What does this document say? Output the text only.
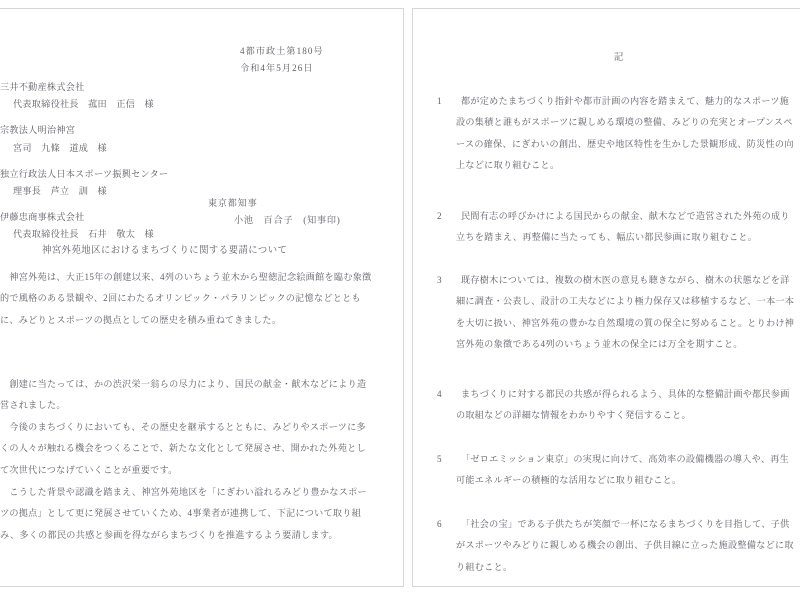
4都市政土第180号
令和4年5月26日
三井不動産株式会社
代表取締役社長　菰田　正信　様
宗教法人明治神宮
宮司　九條　道成　様
独立行政法人日本スポーツ振興センター
理事長　芦立　訓　様
伊藤忠商事株式会社
代表取締役社長　石井　敬太　様
東京都知事
小池　百合子　(知事印)
神宮外苑地区におけるまちづくりに関する要請について
　神宮外苑は、大正15年の創建以来、4列のいちょう並木から聖徳記念絵画館を臨む象徴的で風格のある景観や、2回にわたるオリンピック・パラリンピックの記憶などとともに、みどりとスポーツの拠点としての歴史を積み重ねてきました。
　創建に当たっては、かの渋沢栄一翁らの尽力により、国民の献金・献木などにより造営されました。
　今後のまちづくりにおいても、その歴史を継承するとともに、みどりやスポーツに多くの人々が触れる機会をつくることで、新たな文化として発展させ、開かれた外苑として次世代につなげていくことが重要です。
　こうした背景や認識を踏まえ、神宮外苑地区を「にぎわい溢れるみどり豊かなスポーツの拠点」として更に発展させていくため、4事業者が連携して、下記について取り組み、多くの都民の共感と参画を得ながらまちづくりを推進するよう要請します。
記
1	都が定めたまちづくり指針や都市計画の内容を踏まえて、魅力的なスポーツ施設の集積と誰もがスポーツに親しめる環境の整備、みどりの充実とオープンスペースの確保、にぎわいの創出、歴史や地区特性を生かした景観形成、防災性の向上などに取り組むこと。
2	民間有志の呼びかけによる国民からの献金、献木などで造営された外苑の成り立ちを踏まえ、再整備に当たっても、幅広い都民参画に取り組むこと。
3	既存樹木については、複数の樹木医の意見も聴きながら、樹木の状態などを詳細に調査・公表し、設計の工夫などにより極力保存又は移植するなど、一本一本を大切に扱い、神宮外苑の豊かな自然環境の質の保全に努めること。とりわけ神宮外苑の象徴である4列のいちょう並木の保全には万全を期すこと。
4	まちづくりに対する都民の共感が得られるよう、具体的な整備計画や都民参画の取組などの詳細な情報をわかりやすく発信すること。
5	「ゼロエミッション東京」の実現に向けて、高効率の設備機器の導入や、再生可能エネルギーの積極的な活用などに取り組むこと。
6	「社会の宝」である子供たちが笑顔で一杯になるまちづくりを目指して、子供がスポーツやみどりに親しめる機会の創出、子供目線に立った施設整備などに取り組むこと。
